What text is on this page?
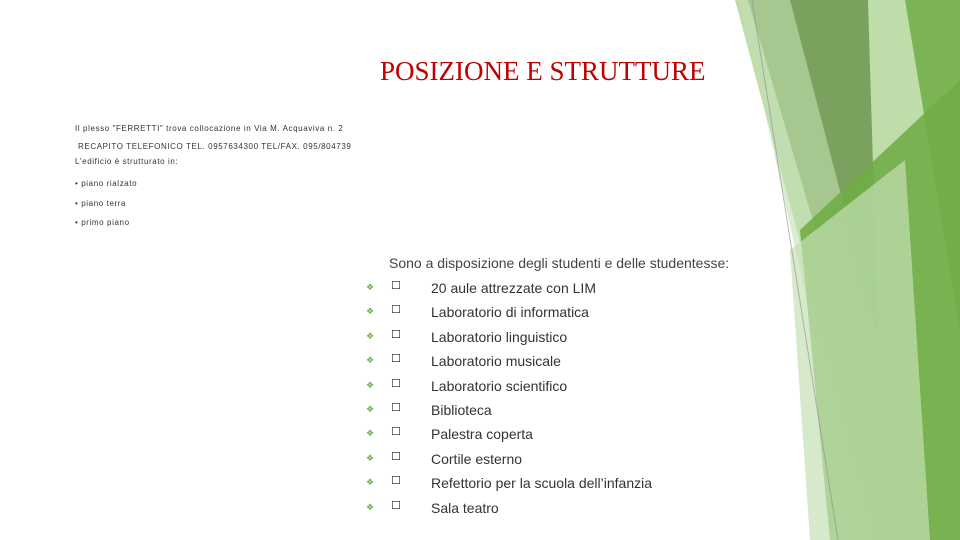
POSIZIONE E STRUTTURE
Il plesso "FERRETTI" trova collocazione in Via M. Acquaviva n. 2
RECAPITO TELEFONICO TEL. 0957634300 TEL/FAX. 095/804739
L'edificio è strutturato in:
• piano rialzato
• piano terra
• primo piano
Sono a disposizione degli studenti e delle studentesse:
❖ ☐ 20 aule attrezzate con LIM
❖ ☐ Laboratorio di informatica
❖ ☐ Laboratorio linguistico
❖ ☐ Laboratorio musicale
❖ ☐ Laboratorio scientifico
❖ ☐ Biblioteca
❖ ☐ Palestra coperta
❖ ☐ Cortile esterno
❖ ☐ Refettorio per la scuola dell’infanzia
❖ ☐ Sala teatro
